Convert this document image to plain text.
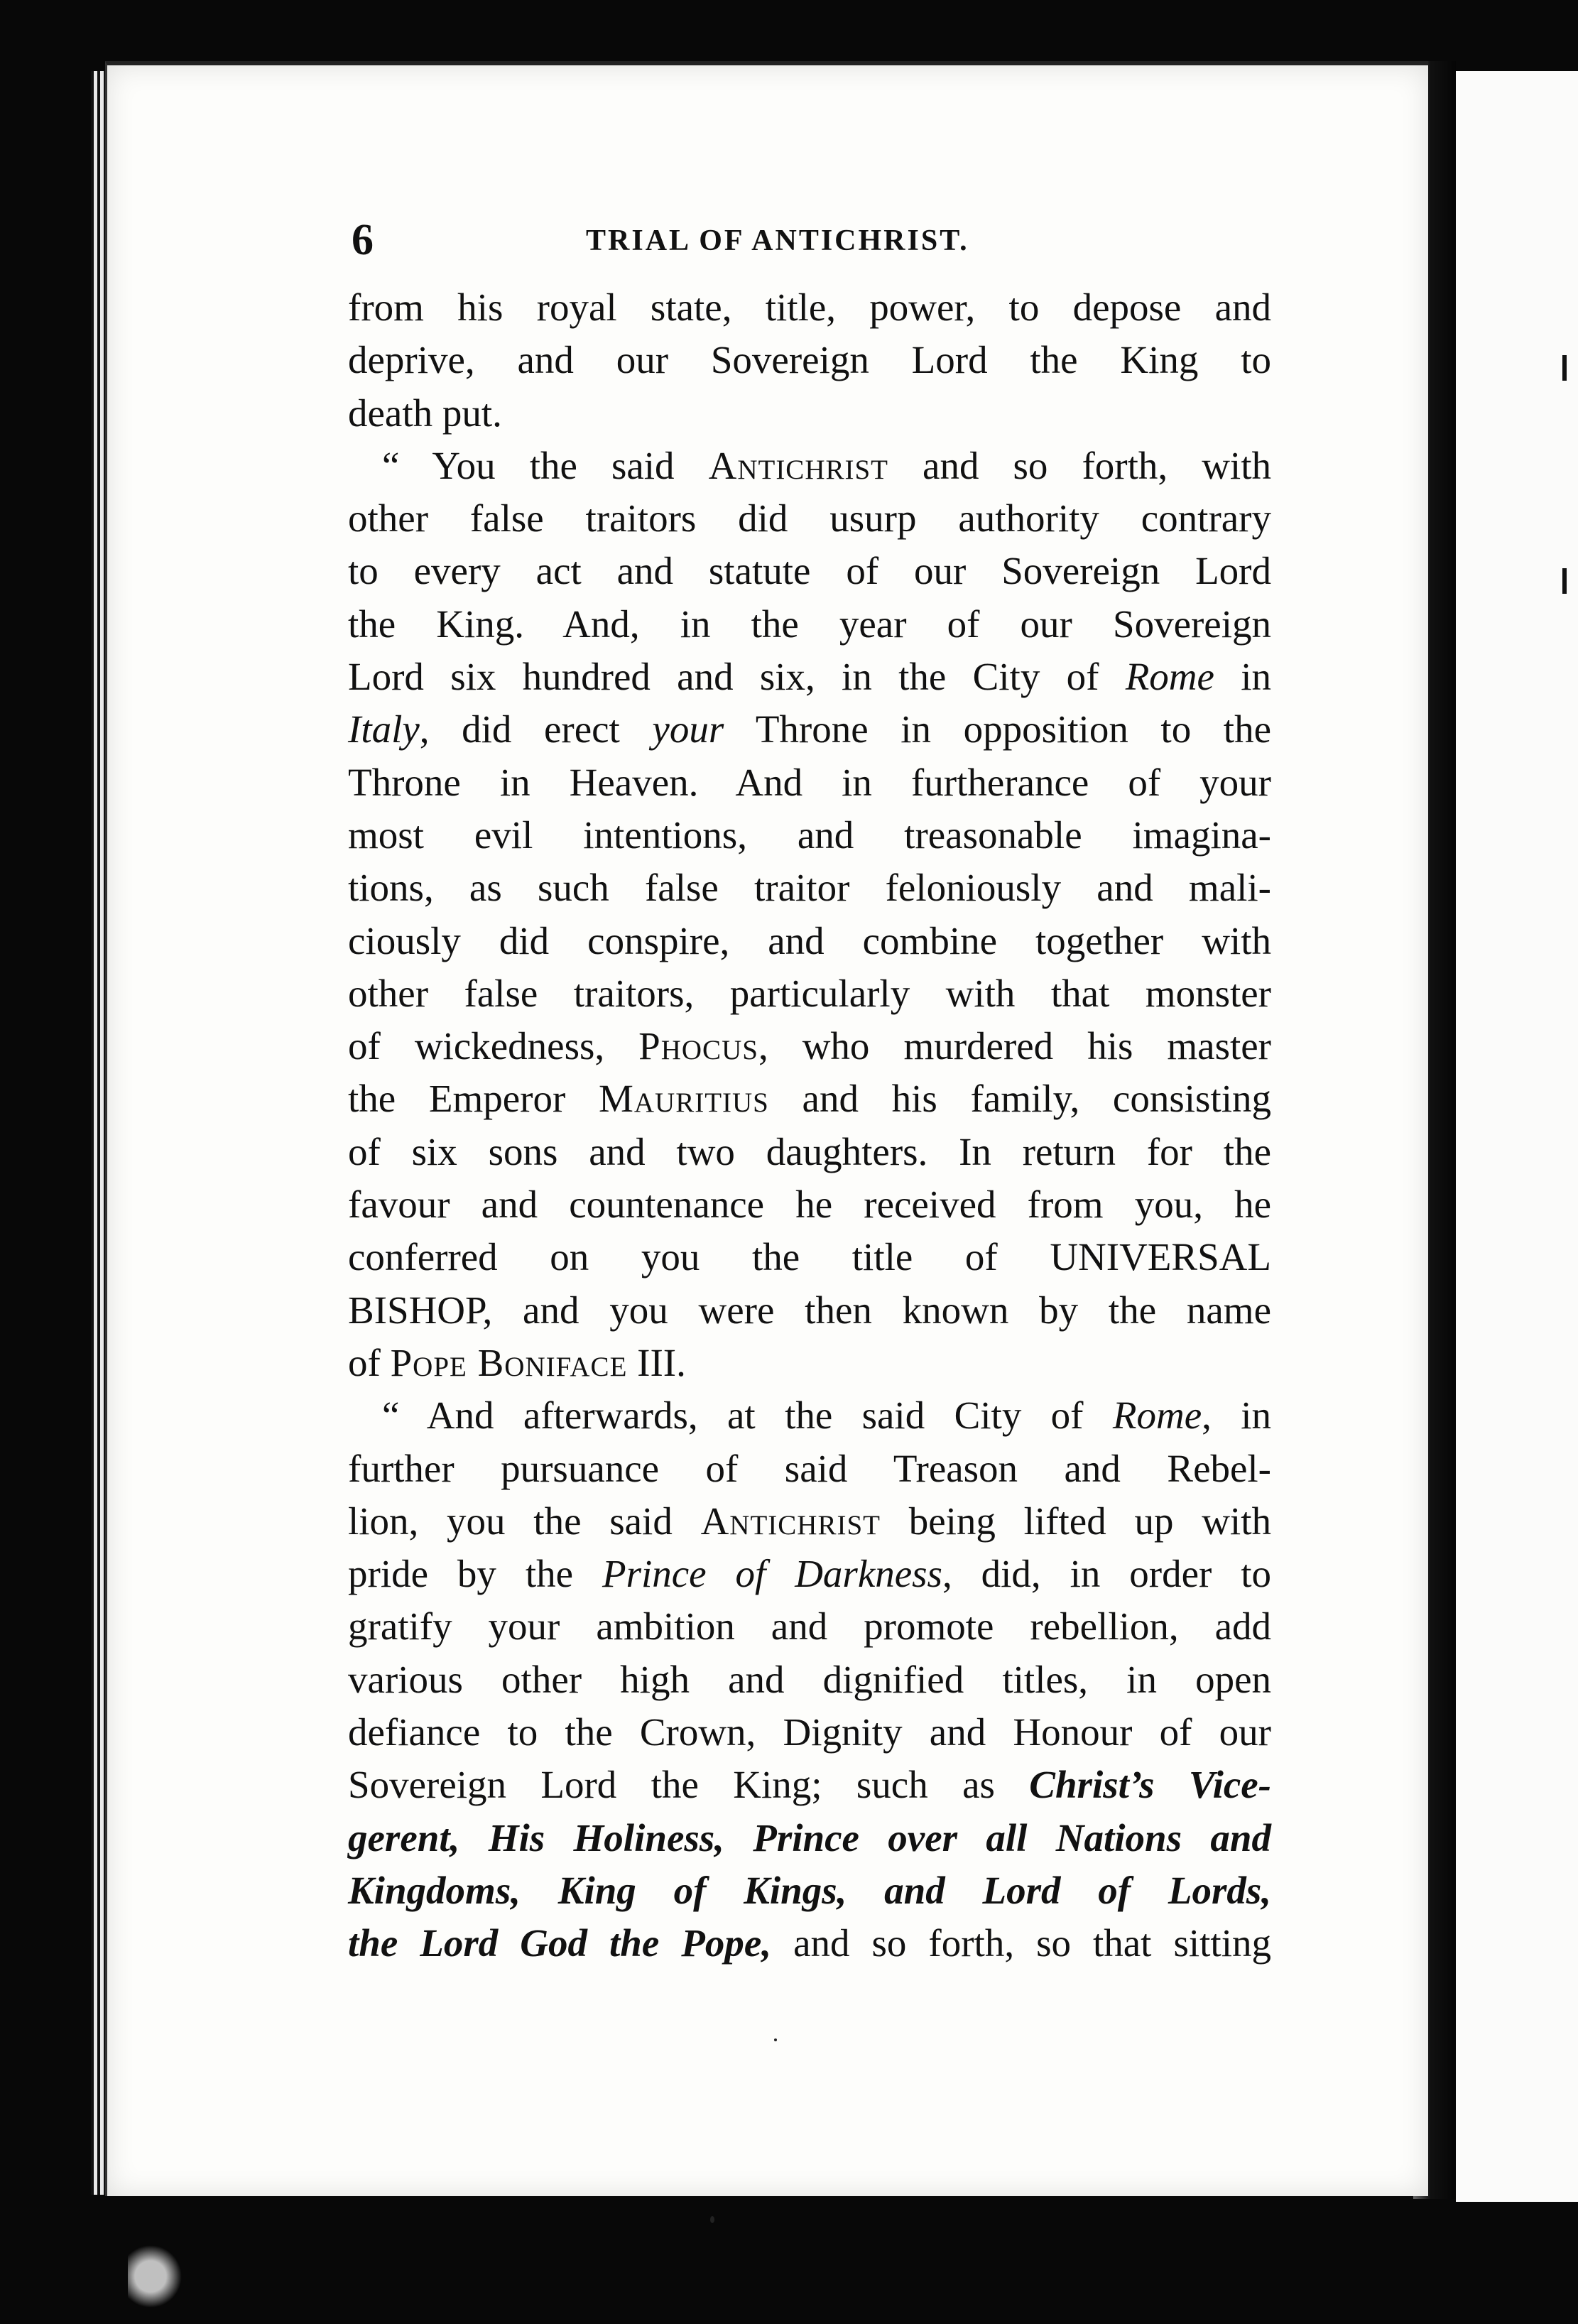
6	TRIAL OF ANTICHRIST.
from his royal state, title, power, to depose and
deprive, and our Sovereign Lord the King to
death put.
“ You the said Antichrist and so forth, with
other false traitors did usurp authority contrary
to every act and statute of our Sovereign Lord
the King. And, in the year of our Sovereign
Lord six hundred and six, in the City of Rome in
Italy, did erect your Throne in opposition to the
Throne in Heaven. And in furtherance of your
most evil intentions, and treasonable imagina-
tions, as such false traitor feloniously and mali-
ciously did conspire, and combine together with
other false traitors, particularly with that monster
of wickedness, Phocus, who murdered his master
the Emperor Mauritius and his family, consisting
of six sons and two daughters. In return for the
favour and countenance he received from you, he
conferred on you the title of UNIVERSAL
BISHOP, and you were then known by the name
of Pope Boniface III.
“ And afterwards, at the said City of Rome, in
further pursuance of said Treason and Rebel-
lion, you the said Antichrist being lifted up with
pride by the Prince of Darkness, did, in order to
gratify your ambition and promote rebellion, add
various other high and dignified titles, in open
defiance to the Crown, Dignity and Honour of our
Sovereign Lord the King; such as Christ’s Vice-
gerent, His Holiness, Prince over all Nations and
Kingdoms, King of Kings, and Lord of Lords,
the Lord God the Pope, and so forth, so that sitting
